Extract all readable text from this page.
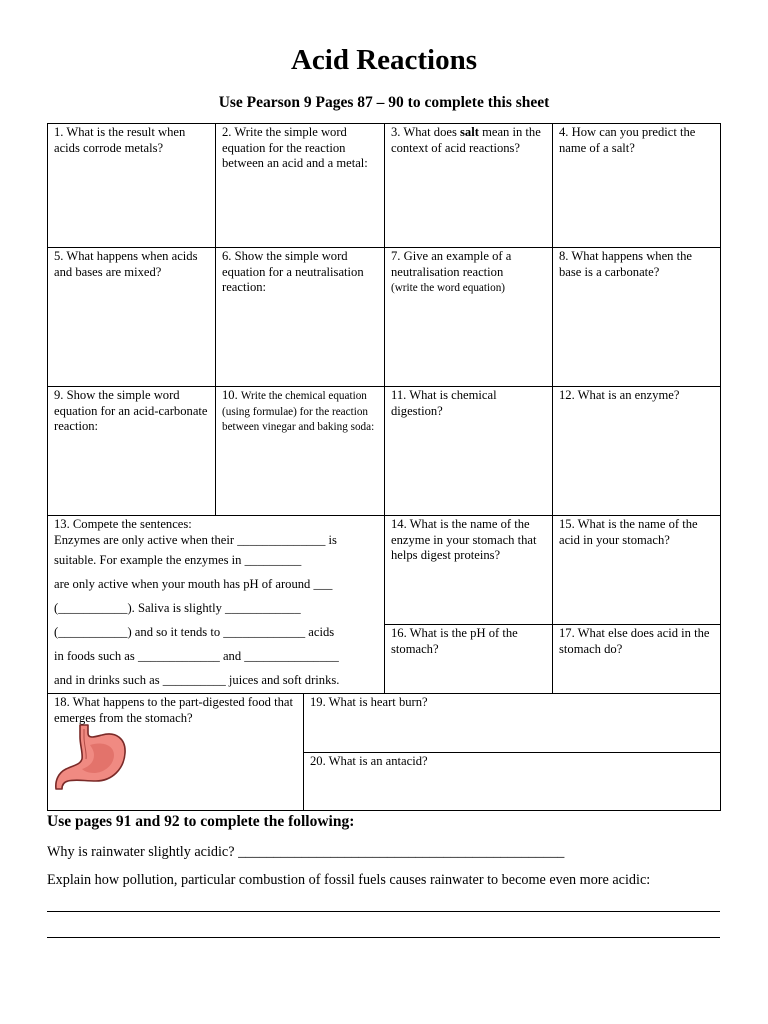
Acid Reactions
Use Pearson 9 Pages 87 – 90 to complete this sheet
1. What is the result when acids corrode metals?
2. Write the simple word equation for the reaction between an acid and a metal:
3. What does salt mean in the context of acid reactions?
4. How can you predict the name of a salt?
5. What happens when acids and bases are mixed?
6. Show the simple word equation for a neutralisation reaction:
7. Give an example of a neutralisation reaction
(write the word equation)
8. What happens when the base is a carbonate?
9. Show the simple word equation for an acid-carbonate reaction:
10. Write the chemical equation (using formulae) for the reaction between vinegar and baking soda:
11. What is chemical digestion?
12. What is an enzyme?
13. Compete the sentences:
Enzymes are only active when their ______________ is
suitable. For example the enzymes in _________
are only active when your mouth has pH of around ___
(___________). Saliva is slightly ____________
(___________) and so it tends to _____________ acids
in foods such as _____________ and _______________
and in drinks such as __________ juices and soft drinks.
14. What is the name of the enzyme in your stomach that helps digest proteins?
15. What is the name of the acid in your stomach?
16. What is the pH of the stomach?
17. What else does acid in the stomach do?
18. What happens to the part-digested food that emerges from the stomach?
19. What is heart burn?
20. What is an antacid?
Use pages 91 and 92 to complete the following:
Why is rainwater slightly acidic? ______________________________________________
Explain how pollution, particular combustion of fossil fuels causes rainwater to become even more acidic:
